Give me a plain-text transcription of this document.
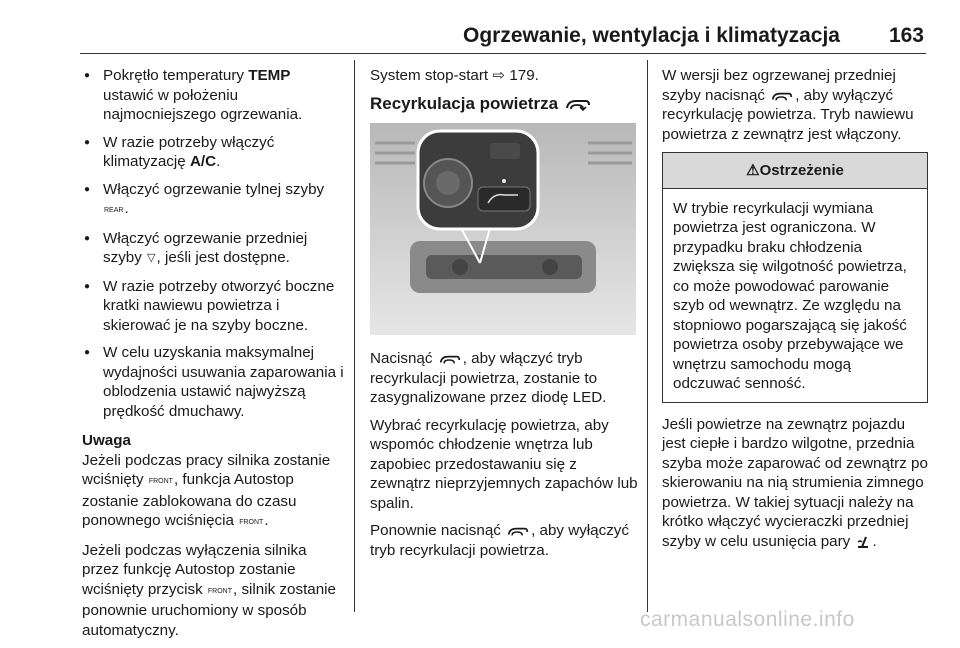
Ogrzewanie, wentylacja i klimatyzacja 163
● Pokrętło temperatury TEMP ustawić w położeniu najmocniejszego ogrzewania.
● W razie potrzeby włączyć klimatyzację A/C.
● Włączyć ogrzewanie tylnej szyby REAR.
● Włączyć ogrzewanie przedniej szyby ▽, jeśli jest dostępne.
● W razie potrzeby otworzyć boczne kratki nawiewu powietrza i skierować je na szyby boczne.
● W celu uzyskania maksymalnej wydajności usuwania zaparowania i oblodzenia ustawić najwyższą prędkość dmuchawy.
Uwaga

Jeżeli podczas pracy silnika zostanie wciśnięty FRONT, funkcja Autostop zostanie zablokowana do czasu ponownego wciśnięcia FRONT.

Jeżeli podczas wyłączenia silnika przez funkcję Autostop zostanie wciśnięty przycisk FRONT, silnik zostanie ponownie uruchomiony w sposób automatyczny.

System stop-start ⇨ 179.

Recyrkulacja powietrza

Nacisnąć , aby włączyć tryb recyrkulacji powietrza, zostanie to zasygnalizowane przez diodę LED.

Wybrać recyrkulację powietrza, aby wspomóc chłodzenie wnętrza lub zapobiec przedostawaniu się z zewnątrz nieprzyjemnych zapachów lub spalin.

Ponownie nacisnąć , aby wyłączyć tryb recyrkulacji powietrza.

W wersji bez ogrzewanej przedniej szyby nacisnąć , aby wyłączyć recyrkulację powietrza. Tryb nawiewu powietrza z zewnątrz jest włączony.

⚠Ostrzeżenie
W trybie recyrkulacji wymiana powietrza jest ograniczona. W przypadku braku chłodzenia zwiększa się wilgotność powietrza, co może powodować parowanie szyb od wewnątrz. Ze względu na stopniowo pogarszającą się jakość powietrza osoby przebywające we wnętrzu samochodu mogą odczuwać senność.

Jeśli powietrze na zewnątrz pojazdu jest ciepłe i bardzo wilgotne, przednia szyba może zaparować od zewnątrz po skierowaniu na nią strumienia zimnego powietrza. W takiej sytuacji należy na krótko włączyć wycieraczki przedniej szyby w celu usunięcia pary .

carmanualsonline.info
